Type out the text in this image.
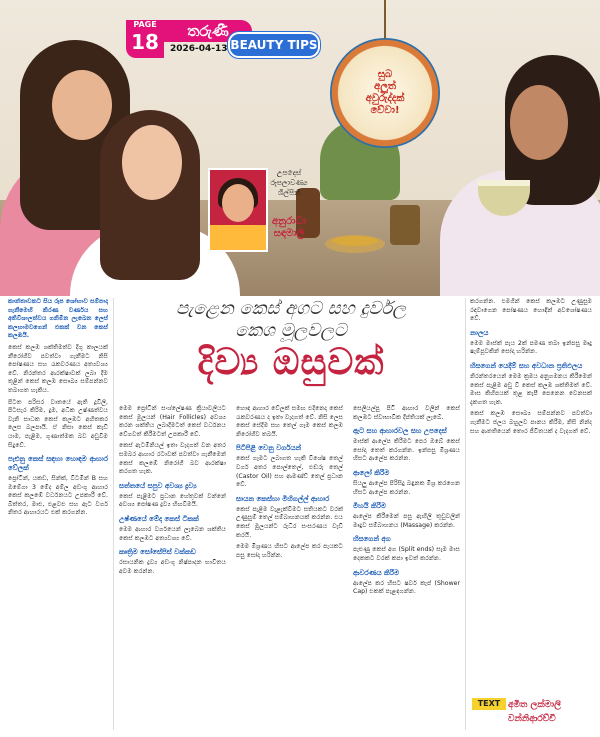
PAGE
18	තරුණී
2026-04-13 BEAUTY TIPS
සුබ
අලුත්
අවුරුද්දක්
වේවා!
උපදෙස්
රූපලාවණ්‍ය
ශිල්පිනී
අනුරාධා
සඳමාලි
පැළෙන කෙස් අගට සහ දුර්වල
කෙශ මූලවලට
දිව්‍ය ඔසුවක්

කාන්තාවකට සිය රූප ශෝභාව සම්පාදා ගැනීමෙහි කිරණ වර්ණය සහ අතිවිශාලත්වය ගනිමින ලැබෙන ලෙස් කලහාමවගෙන් එකක් වන කෙස් කලඹයි.

කෙස් කලඹ ශක්තිමත්ව දිගු කාලයක් නීරෝගීව පවත්වා ගැනීමට නිසි පෝෂණය සහ රැකවරණය අත්‍යවශ්‍ය වේ. නිරන්තර ආරක්ෂාවක් ලබා දීම තුළින් කෙස් කලඹ සෞඛ්‍ය සම්පන්නව තබාගත හැකිය.

පිටත පරිසර වාතයේ ඇති දූවිලි, පිටසැර කිරිම, දුම, අධික උෂ්ණත්වය වැනි සාධක කෙස් කලඹට අහිතකර ලෙස බලපායි. ඒ නිසා කෙස් කැඩී යාම, පැළීම, ගුණාත්මක බව අඩුවීම සිදුවේ.

පැළුනු කෙස් සඳහා හොඳම ආහාර වේලක්

ප්‍රෝටීන්, යකඩ, සින්ක්, විටමින් B සහ ඔමේගා 3 මේද අම්ල අඩංගු ආහාර කෙස් කලඹේ වර්ධනයට උපකාරී වේ. බිත්තර, මාළු, එළවළු සහ ඇට වර්ග නිතර ආහාරයට එක් කරගන්න.

මෙම ප්‍රෝටීන් සංශ්ලේෂණ ක්‍රියාවලියට කෙස් මූලයන් (Hair Follicles) අවශ්‍ය කරන ශක්තිය ලබාදීමටත් කෙස් වර්ධනය වේගවත් කිරීමටත් උපකාරී වේ.

කෙස් ඇටමිනියල් ඉතා වැදගත් වන අතර සමබර ආහාර රටාවක් පවත්වා ගැනීමෙන් කෙස් කලඹේ නිරෝගී බව ආරක්ෂා කරගත හැක.

සත්තයේ සපුව අවශ්‍ය ද්‍රව්‍ය

කෙස් පැළීමට ප්‍රධාන හේතුවක් වන්නේ අවශ්‍ය පෝෂණ ද්‍රව්‍ය හිඟවීමයි.

උෂ්ණයේ මේද කෙස් ටිකක්

මෙම ආහාර වර්ගයෙන් ලැබෙන ශක්තිය කෙස් කලඹට අත්‍යවශ්‍ය වේ.

කෘත්‍රිම සෝසේපිස් වක්කඩ

රසායනික ද්‍රව්‍ය අඩංගු නිෂ්පාදන භාවිතය අවම කරන්න.

හොඳ ආහාර වේලක් සමඟ එදිනෙදා කෙස් රැකවරණය ද ඉතා වැදගත් වේ. නිසි ලෙස කෙස් සේදීම සහ තෙල් ගෑම කෙස් කලඹ නිරෝගීව තබයි.

පිටිපිළි වෙනු වර්ගයන්

කෙස් ගෑමට ලබාගත හැකි විශේෂ තෙල් වර්ග අතර පොල්තෙල්, එඬරු තෙල් (Castor Oil) සහ ආමණ්ඩ් තෙල් ප්‍රධාන වේ.

සායන කෙස්හා මිහිගල්ල් ආහාර

කෙස් පැළීම වැළැක්වීමට සතියකට වරක් උණුසුම් තෙල් සම්බාහනයක් කරන්න. එය කෙස් මූලයන්ට රුධිර සංසරණය වැඩි කරයි.

මෙම මිශ්‍රණය හිසට ආලේප කර පැයකට පසු සෝදා හරින්න.

සෙලියල්පු පිටි ආහාර වලින් කෙස් කලඹට ස්වාභාවික දීප්තියක් ලැබේ.

ඇට සහ ආහාරවල සහ උපදෙස්

මාස්ක් ආලේප කිරීමට පෙර ඔබේ කෙස් සෝදා තෙත් කරගන්න. ඉන්පසු මිශ්‍රණය හිසට ආලේප කරන්න.

ආලෝ කිරිම

සියලු ආලේප පිරිසිදු බඳුනක මිශ්‍ර කරගෙන හිසට ආලේප කරන්න.

මිහයි කිරිම

ආලේප කිරීමෙන් පසු ඇඟිලි තුඩුවලින් මෘදුව සම්බාහනය (Massage) කරන්න.

හිසගෙන් අග

පැළුණු කෙස් අග (Split ends) සෑම මාස දෙකකට වරක් කපා ඉවත් කරන්න.

ආවරණය කිරිම

ආලේප කර හිසට ෂවර් කැප් (Shower Cap) එකක් පැළඳගන්න.

කරගන්න. එමගින් කෙස් කලඹට උණුසුම රඳවාගෙන පෝෂණය හොඳින් අවශෝෂණය වේ.

නාලය

මෙම මාස්ක් පැය 2ක් පමණ තබා ඉන්පසු මෘදු ෂැම්පූවකින් සෝදා හරින්න.

හිසගෙන් යෙදීම් සහ අවධාන ප්‍රතිඵලය

නිරන්තරයෙන් මෙම ක්‍රමය අනුගමනය කිරීමෙන් කෙස් පැළීම අඩු වී කෙස් කලඹ ශක්තිමත් වේ. මාස කිහිපයක් තුළ කැපී පෙනෙන වෙනසක් දැකගත හැක.

කෙස් කලඹ සෞඛ්‍ය සම්පන්නව පවත්වා ගැනීමට ජලය බහුලව පානය කිරීම, නිසි නින්ද සහ ආතතියෙන් තොර ජීවිතයක් ද වැදගත් වේ.

TEXT අමිත ලක්මාලි
වන්නිආරච්චි
